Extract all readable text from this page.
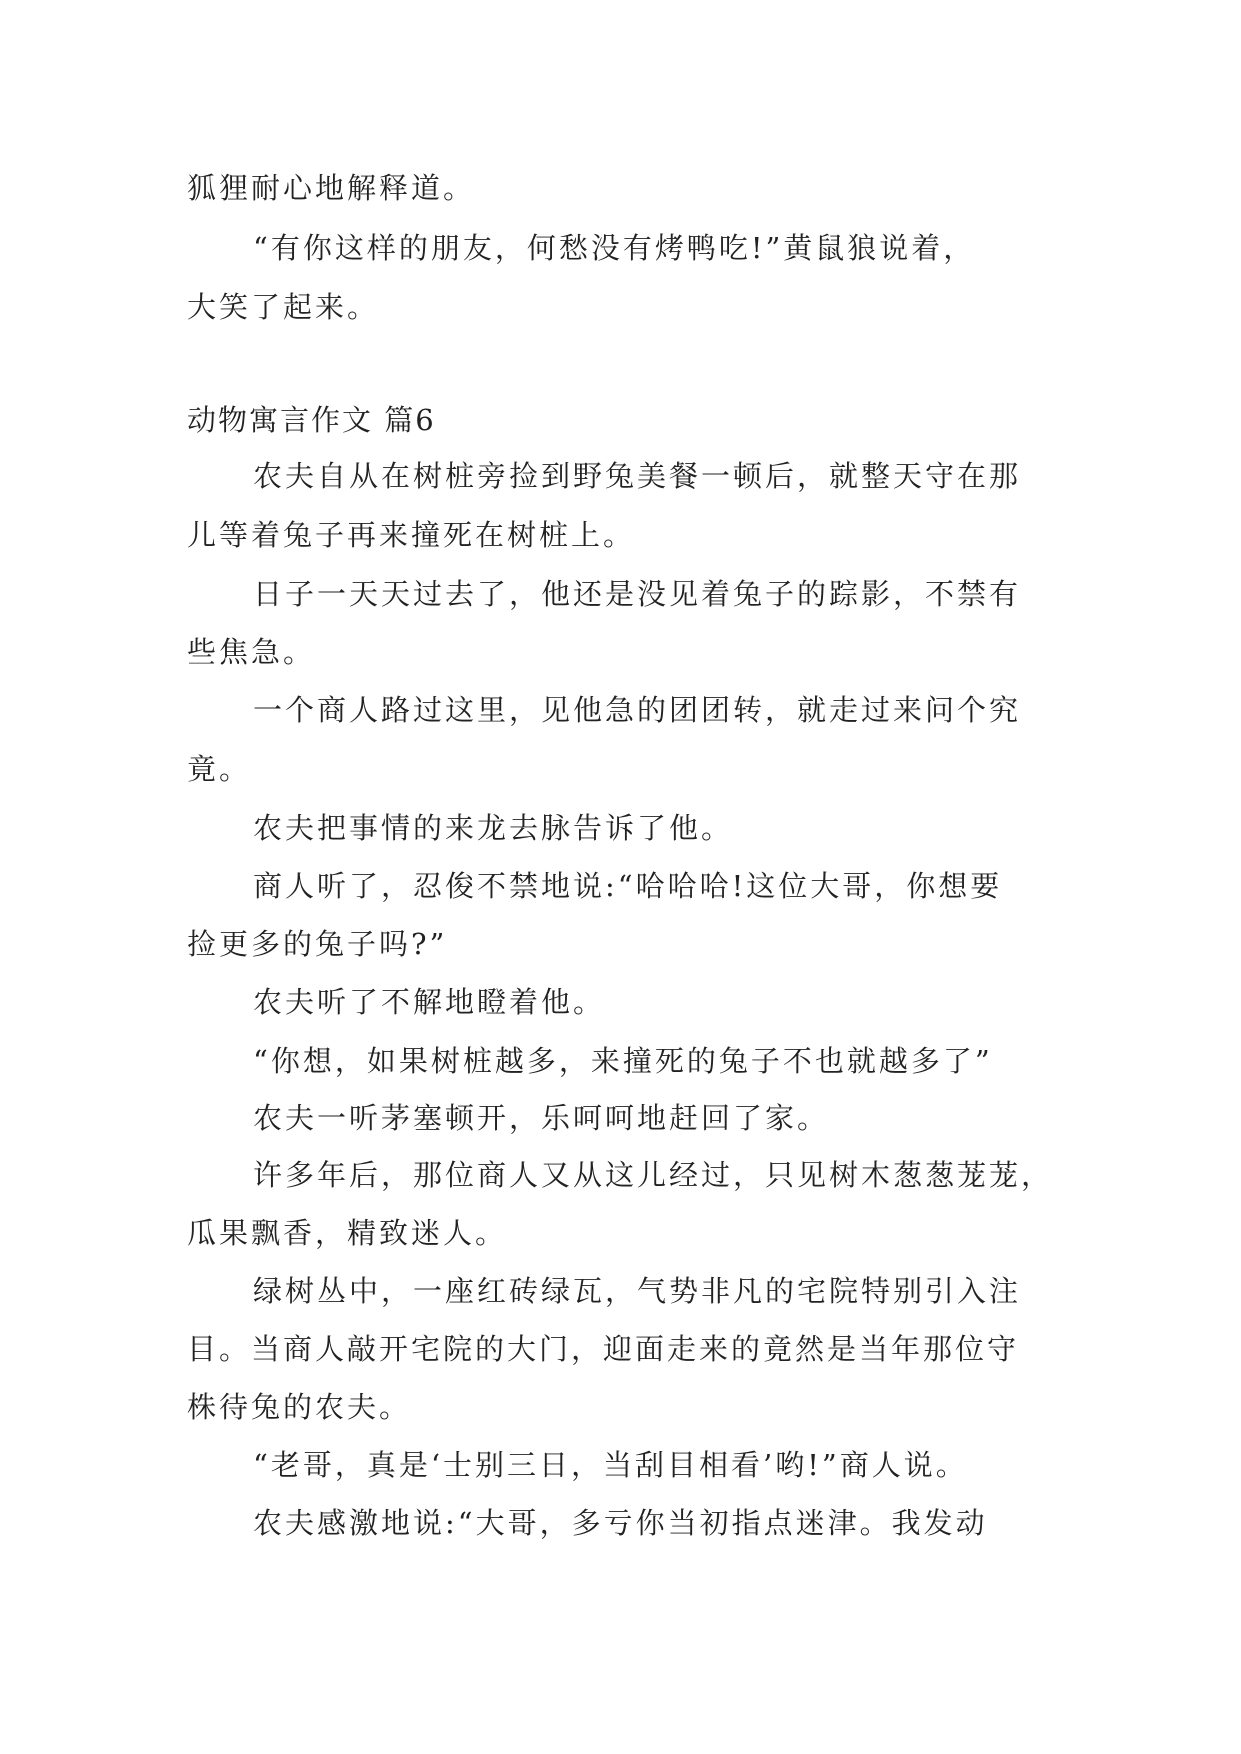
狐狸耐心地解释道。
“有你这样的朋友，何愁没有烤鸭吃!”黄鼠狼说着，
大笑了起来。
动物寓言作文 篇6
农夫自从在树桩旁捡到野兔美餐一顿后，就整天守在那
儿等着兔子再来撞死在树桩上。
日子一天天过去了，他还是没见着兔子的踪影，不禁有
些焦急。
一个商人路过这里，见他急的团团转，就走过来问个究
竟。
农夫把事情的来龙去脉告诉了他。
商人听了，忍俊不禁地说:“哈哈哈!这位大哥，你想要
捡更多的兔子吗?”
农夫听了不解地瞪着他。
“你想，如果树桩越多，来撞死的兔子不也就越多了”
农夫一听茅塞顿开，乐呵呵地赶回了家。
许多年后，那位商人又从这儿经过，只见树木葱葱茏茏，
瓜果飘香，精致迷人。
绿树丛中，一座红砖绿瓦，气势非凡的宅院特别引入注
目。当商人敲开宅院的大门，迎面走来的竟然是当年那位守
株待兔的农夫。
“老哥，真是‘士别三日，当刮目相看’哟!”商人说。
农夫感激地说:“大哥，多亏你当初指点迷津。我发动
